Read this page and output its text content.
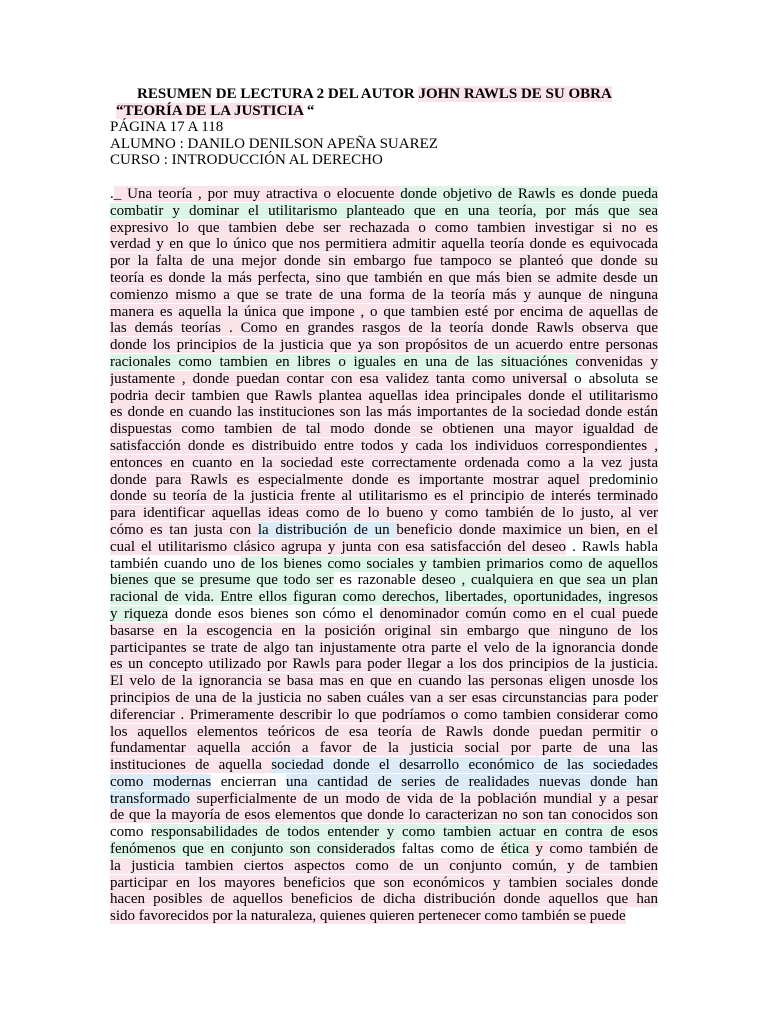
RESUMEN DE LECTURA 2 DEL AUTOR JOHN RAWLS DE SU OBRA
“TEORÍA DE LA JUSTICIA “
PÁGINA 17 A 118
ALUMNO : DANILO DENILSON APEÑA SUAREZ
CURSO : INTRODUCCIÓN AL DERECHO
._ Una teoría , por muy atractiva o elocuente donde objetivo de Rawls es donde pueda
combatir y dominar el utilitarismo planteado que en una teoría, por más que sea
expresivo lo que tambien debe ser rechazada o como tambien investigar si no es
verdad y en que lo único que nos permitiera admitir aquella teoría donde es equivocada
por la falta de una mejor donde sin embargo fue tampoco se planteó que donde su
teoría es donde la más perfecta, sino que también en que más bien se admite desde un
comienzo mismo a que se trate de una forma de la teoría más y aunque de ninguna
manera es aquella la única que impone , o que tambien esté por encima de aquellas de
las demás teorías . Como en grandes rasgos de la teoría donde Rawls observa que
donde los principios de la justicia que ya son propósitos de un acuerdo entre personas
racionales como tambien en libres o iguales en una de las situaciónes convenidas y
justamente , donde puedan contar con esa validez tanta como universal o absoluta se
podria decir tambien que Rawls plantea aquellas idea principales donde el utilitarismo
es donde en cuando las instituciones son las más importantes de la sociedad donde están
dispuestas como tambien de tal modo donde se obtienen una mayor igualdad de
satisfacción donde es distribuido entre todos y cada los individuos correspondientes ,
entonces en cuanto en la sociedad este correctamente ordenada como a la vez justa
donde para Rawls es especialmente donde es importante mostrar aquel predominio
donde su teoría de la justicia frente al utilitarismo es el principio de interés terminado
para identificar aquellas ideas como de lo bueno y como también de lo justo, al ver
cómo es tan justa con la distribución de un beneficio donde maximice un bien, en el
cual el utilitarismo clásico agrupa y junta con esa satisfacción del deseo . Rawls habla
también cuando uno de los bienes como sociales y tambien primarios como de aquellos
bienes que se presume que todo ser es razonable deseo , cualquiera en que sea un plan
racional de vida. Entre ellos figuran como derechos, libertades, oportunidades, ingresos
y riqueza donde esos bienes son cómo el denominador común como en el cual puede
basarse en la escogencia en la posición original sin embargo que ninguno de los
participantes se trate de algo tan injustamente otra parte el velo de la ignorancia donde
es un concepto utilizado por Rawls para poder llegar a los dos principios de la justicia.
El velo de la ignorancia se basa mas en que en cuando las personas eligen unosde los
principios de una de la justicia no saben cuáles van a ser esas circunstancias para poder
diferenciar . Primeramente describir lo que podríamos o como tambien considerar como
los aquellos elementos teóricos de esa teoría de Rawls donde puedan permitir o
fundamentar aquella acción a favor de la justicia social por parte de una las
instituciones de aquella sociedad donde el desarrollo económico de las sociedades
como modernas encierran una cantidad de series de realidades nuevas donde han
transformado superficialmente de un modo de vida de la población mundial y a pesar
de que la mayoría de esos elementos que donde lo caracterizan no son tan conocidos son
como responsabilidades de todos entender y como tambien actuar en contra de esos
fenómenos que en conjunto son considerados faltas como de ética y como también de
la justicia tambien ciertos aspectos como de un conjunto común, y de tambien
participar en los mayores beneficios que son económicos y tambien sociales donde
hacen posibles de aquellos beneficios de dicha distribución donde aquellos que han
sido favorecidos por la naturaleza, quienes quieren pertenecer como también se puede
